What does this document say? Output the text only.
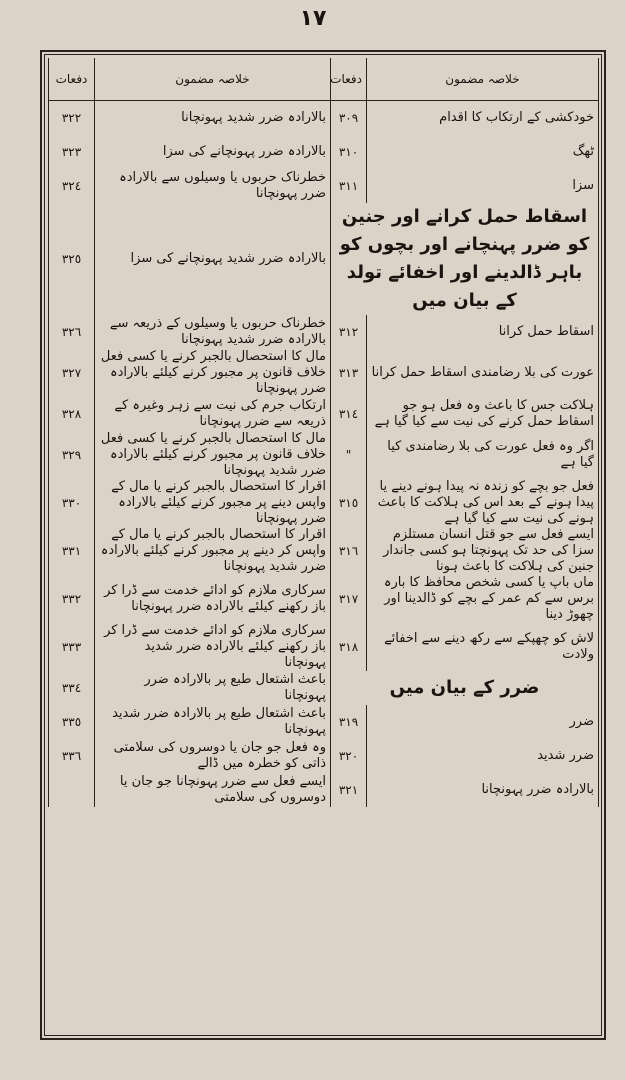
١٧
خلاصہ مضمون	دفعات	خلاصہ مضمون	دفعات
خودکشی کے ارتکاب کا اقدام	٣٠٩	بالارادہ ضرر شدید پہونچانا	٣٢٢
ٹھگ	٣١٠	بالارادہ ضرر پہونچانے کی سزا	٣٢٣
سزا	٣١١	خطرناک حربوں یا وسیلوں سے بالارادہ ضرر پہونچانا	٣٢٤
اسقاط حمل کرانے اور جنین کو ضرر پہنچانے اور بچوں کو باہر ڈالدینے اور اخفائے تولد کے بیان میں		بالارادہ ضرر شدید پہونچانے کی سزا	٣٢٥
اسقاط حمل کرانا	٣١٢	خطرناک حربوں یا وسیلوں کے ذریعہ سے بالارادہ ضرر شدید پہونچانا	٣٢٦
عورت کی بلا رضامندی اسقاط حمل کرانا	٣١٣	مال کا استحصال بالجبر کرنے یا کسی فعل خلاف قانون پر مجبور کرنے کیلئے بالارادہ ضرر پہونچانا	٣٢٧
ہلاکت جس کا باعث وہ فعل ہو جو اسقاط حمل کرنے کی نیت سے کیا گیا ہے	٣١٤	ارتکاب جرم کی نیت سے زہر وغیرہ کے ذریعہ سے ضرر پہونچانا	٣٢٨
اگر وہ فعل عورت کی بلا رضامندی کیا گیا ہے	"	مال کا استحصال بالجبر کرنے یا کسی فعل خلاف قانون پر مجبور کرنے کیلئے بالارادہ ضرر شدید پہونچانا	٣٢٩
فعل جو بچے کو زندہ نہ پیدا ہونے دینے یا پیدا ہونے کے بعد اس کی ہلاکت کا باعث ہونے کی نیت سے کیا گیا ہے	٣١٥	اقرار کا استحصال بالجبر کرنے یا مال کے واپس دینے پر مجبور کرنے کیلئے بالارادہ ضرر پہونچانا	٣٣٠
ایسے فعل سے جو قتل انسان مستلزم سزا کی حد تک پہونچتا ہو کسی جاندار جنین کی ہلاکت کا باعث ہونا	٣١٦	اقرار کا استحصال بالجبر کرنے یا مال کے واپس کر دینے پر مجبور کرنے کیلئے بالارادہ ضرر شدید پہونچانا	٣٣١
ماں باپ یا کسی شخص محافظ کا بارہ برس سے کم عمر کے بچے کو ڈالدینا اور چھوڑ دینا	٣١٧	سرکاری ملازم کو ادائے خدمت سے ڈرا کر باز رکھنے کیلئے بالارادہ ضرر پہونچانا	٣٣٢
لاش کو چھپکے سے رکھ دینے سے اخفائے ولادت	٣١٨	سرکاری ملازم کو ادائے خدمت سے ڈرا کر باز رکھنے کیلئے بالارادہ ضرر شدید پہونچانا	٣٣٣
ضرر کے بیان میں		باعث اشتعال طبع پر بالارادہ ضرر پہونچانا	٣٣٤
ضرر	٣١٩	باعث اشتعال طبع پر بالارادہ ضرر شدید پہونچانا	٣٣٥
ضرر شدید	٣٢٠	وہ فعل جو جان یا دوسروں کی سلامتی ذاتی کو خطرہ میں ڈالے	٣٣٦
بالارادہ ضرر پہونچانا	٣٢١	ایسے فعل سے ضرر پہونچانا جو جان یا دوسروں کی سلامتی	
